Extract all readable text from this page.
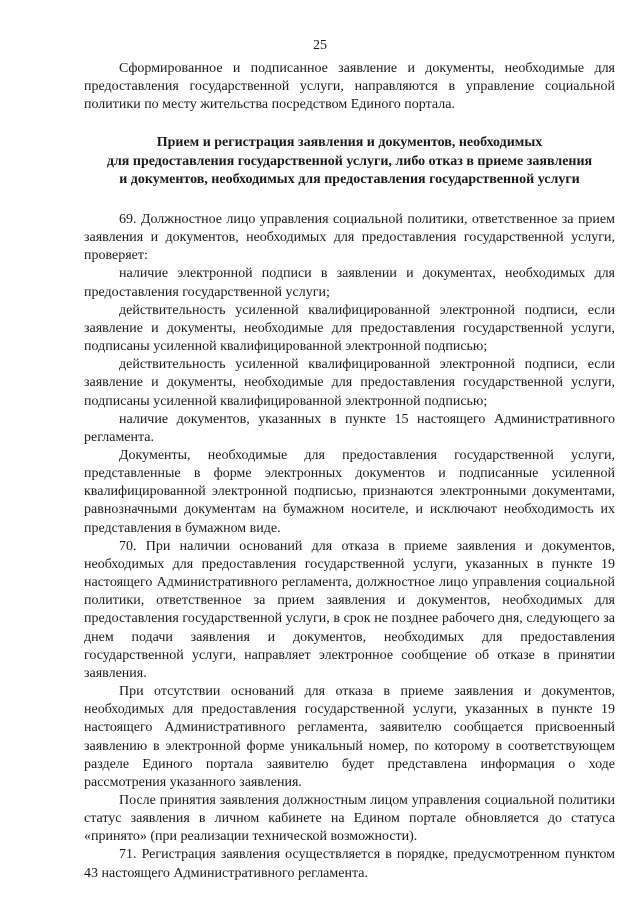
25

Сформированное и подписанное заявление и документы, необходимые для предоставления государственной услуги, направляются в управление социальной политики по месту жительства посредством Единого портала.

Прием и регистрация заявления и документов, необходимых
для предоставления государственной услуги, либо отказ в приеме заявления
и документов, необходимых для предоставления государственной услуги

69. Должностное лицо управления социальной политики, ответственное за прием заявления и документов, необходимых для предоставления государственной услуги, проверяет:

наличие электронной подписи в заявлении и документах, необходимых для предоставления государственной услуги;

действительность усиленной квалифицированной электронной подписи, если заявление и документы, необходимые для предоставления государственной услуги, подписаны усиленной квалифицированной электронной подписью;

действительность усиленной квалифицированной электронной подписи, если заявление и документы, необходимые для предоставления государственной услуги, подписаны усиленной квалифицированной электронной подписью;

наличие документов, указанных в пункте 15 настоящего Административного регламента.

Документы, необходимые для предоставления государственной услуги, представленные в форме электронных документов и подписанные усиленной квалифицированной электронной подписью, признаются электронными документами, равнозначными документам на бумажном носителе, и исключают необходимость их представления в бумажном виде.

70. При наличии оснований для отказа в приеме заявления и документов, необходимых для предоставления государственной услуги, указанных в пункте 19 настоящего Административного регламента, должностное лицо управления социальной политики, ответственное за прием заявления и документов, необходимых для предоставления государственной услуги, в срок не позднее рабочего дня, следующего за днем подачи заявления и документов, необходимых для предоставления государственной услуги, направляет электронное сообщение об отказе в принятии заявления.

При отсутствии оснований для отказа в приеме заявления и документов, необходимых для предоставления государственной услуги, указанных в пункте 19 настоящего Административного регламента, заявителю сообщается присвоенный заявлению в электронной форме уникальный номер, по которому в соответствующем разделе Единого портала заявителю будет представлена информация о ходе рассмотрения указанного заявления.

После принятия заявления должностным лицом управления социальной политики статус заявления в личном кабинете на Едином портале обновляется до статуса «принято» (при реализации технической возможности).

71. Регистрация заявления осуществляется в порядке, предусмотренном пунктом 43 настоящего Административного регламента.
